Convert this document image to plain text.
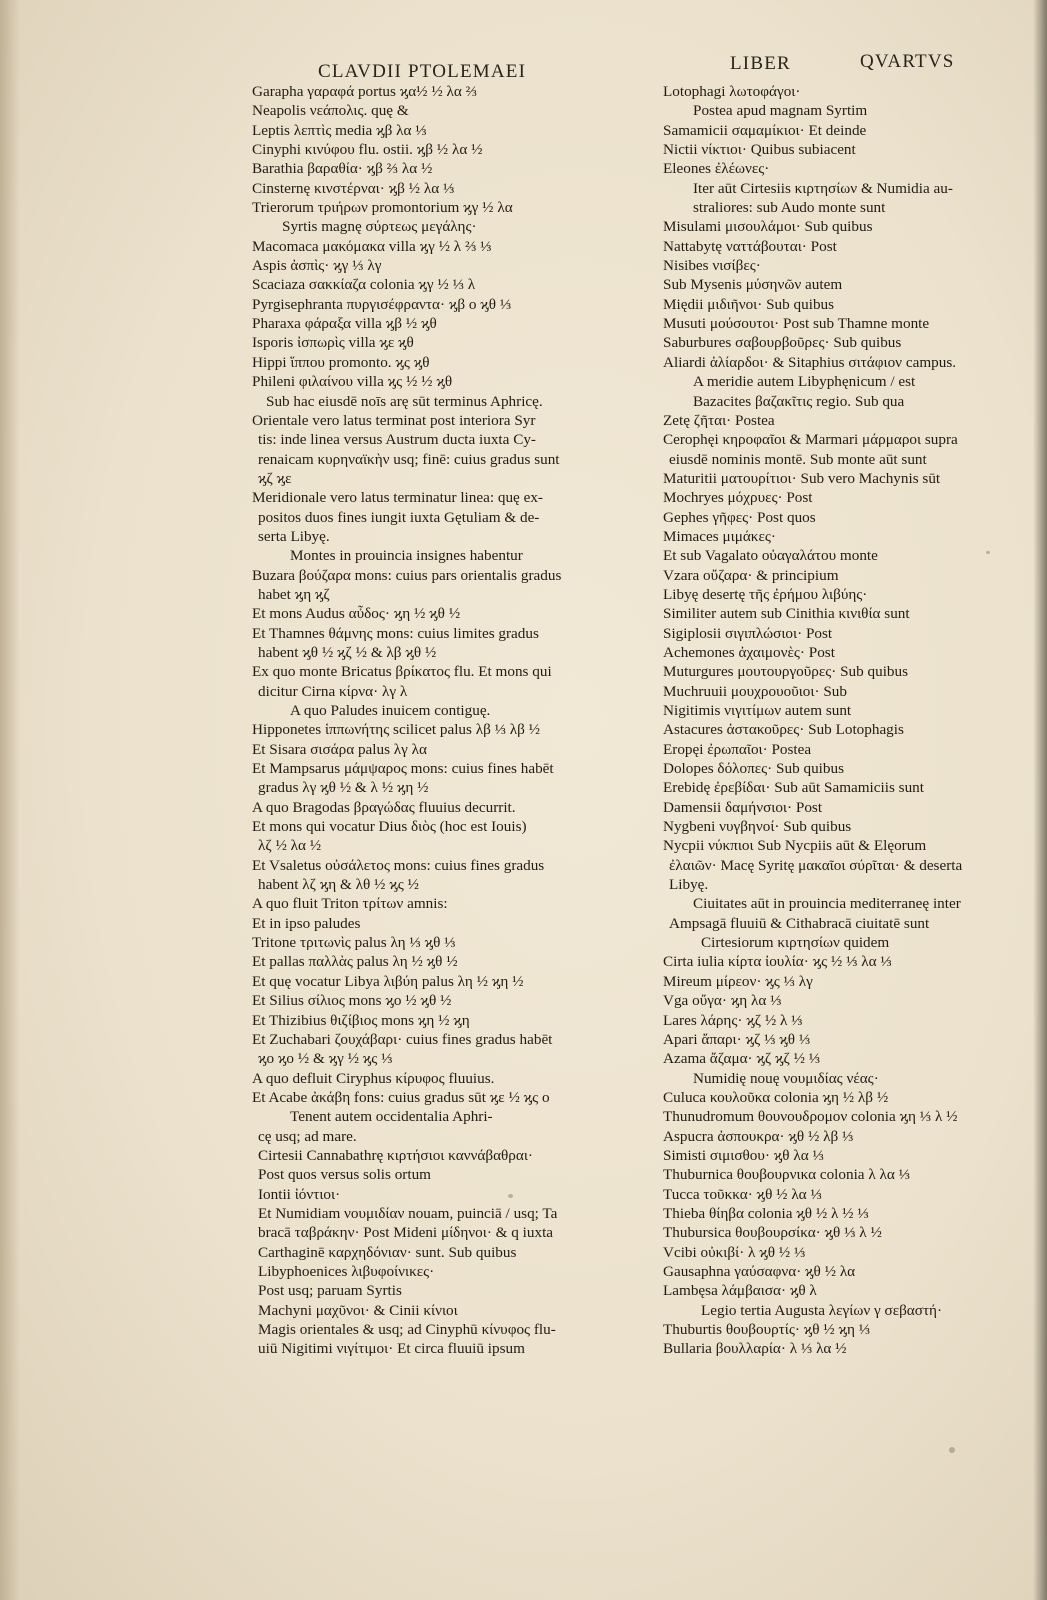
CLAVDII PTOLEMAEI	LIBER	QVARTVS
Garapha γαραφά portus ϗα½ ½ λα ⅔
Neapolis νεάπολις. quę &
Leptis λεπτὶς media ϗβ λα ⅓
Cinyphi κινύφου flu. ostii. ϗβ ½ λα ½
Barathia βαραθία· ϗβ ⅔ λα ½
Cinsternę κινστέρναι· ϗβ ½ λα ⅓
Trierorum τριήρων promontorium ϗγ ½ λα
Syrtis magnę σύρτεως μεγάλης·
Macomaca μακόμακα villa ϗγ ½ λ ⅔ ⅓
Aspis ἀσπὶς· ϗγ ⅓ λγ
Scaciaza σακκίαζα colonia ϗγ ½ ⅓ λ
Pyrgisephranta πυργισέφραντα· ϗβ ο ϗθ ⅓
Pharaxa φάραξα villa ϗβ ½ ϗθ
Isporis ἰσπωρὶς villa ϗε ϗθ
Hippi ἵππου promonto. ϗς ϗθ
Phileni φιλαίνου villa ϗς ½ ½ ϗθ
Sub hac eiusdē noīs arę sūt terminus Aphricę.
Orientale vero latus terminat post interiora Syr
tis: inde linea versus Austrum ducta iuxta Cy-
renaicam κυρηναϊκὴν usq; finē: cuius gradus sunt
ϗζ ϗε
Meridionale vero latus terminatur linea: quę ex-
positos duos fines iungit iuxta Gętuliam & de-
serta Libyę.
Montes in prouincia insignes habentur
Buzara βούζαρα mons: cuius pars orientalis gradus
habet ϗη ϗζ
Et mons Audus αὖδος· ϗη ½ ϗθ ½
Et Thamnes θάμνης mons: cuius limites gradus
habent ϗθ ½ ϗζ ½ & λβ ϗθ ½
Ex quo monte Bricatus βρίκατος flu. Et mons qui
dicitur Cirna κίρνα· λγ λ
A quo Paludes inuicem contiguę.
Hipponetes ἱππωνήτης scilicet palus λβ ⅓ λβ ½
Et Sisara σισάρα palus λγ λα
Et Mampsarus μάμψαρος mons: cuius fines habēt
gradus λγ ϗθ ½ & λ ½ ϗη ½
A quo Bragodas βραγώδας fluuius decurrit.
Et mons qui vocatur Dius διὸς (hoc est Iouis)
λζ ½ λα ½
Et Vsaletus οὐσάλετος mons: cuius fines gradus
habent λζ ϗη & λθ ½ ϗς ½
A quo fluit Triton τρίτων amnis:
Et in ipso paludes
Tritone τριτωνὶς palus λη ⅓ ϗθ ⅓
Et pallas παλλὰς palus λη ½ ϗθ ½
Et quę vocatur Libya λιβύη palus λη ½ ϗη ½
Et Silius σίλιος mons ϗο ½ ϗθ ½
Et Thizibius θιζίβιος mons ϗη ½ ϗη
Et Zuchabari ζουχάβαρι· cuius fines gradus habēt
ϗο ϗο ½ & ϗγ ½ ϗς ⅓
A quo defluit Ciryphus κίρυφος fluuius.
Et Acabe ἀκάβη fons: cuius gradus sūt ϗε ½ ϗς ο
Tenent autem occidentalia Aphri-
cę usq; ad mare.
Cirtesii Cannabathrę κιρτήσιοι καννάβαθραι·
Post quos versus solis ortum
Iontii ἰόντιοι·
Et Numidiam νουμιδίαν nouam, puinciā / usq; Ta
bracā ταβράκην· Post Mideni μίδηνοι· & q iuxta
Carthaginē καρχηδόνιαν· sunt. Sub quibus
Libyphoenices λιβυφοίνικες·
Post usq; paruam Syrtis
Machyni μαχῦνοι· & Cinii κίνιοι
Magis orientales & usq; ad Cinyphū κίνυφος flu-
uiū Nigitimi νιγίτιμοι· Et circa fluuiū ipsum
Lotophagi λωτοφάγοι·
Postea apud magnam Syrtim
Samamicii σαμαμίκιοι· Et deinde
Nictii νίκτιοι· Quibus subiacent
Eleones ἐλέωνες·
Iter aūt Cirtesiis κιρτησίων & Numidia au-
straliores: sub Audo monte sunt
Misulami μισουλάμοι· Sub quibus
Nattabytę ναττάβουται· Post
Nisibes νισίβες·
Sub Mysenis μύσηνῶν autem
Międii μιδιῆνοι· Sub quibus
Musuti μούσουτοι· Post sub Thamne monte
Saburbures σαβουρβοῦρες· Sub quibus
Aliardi ἀλίαρδοι· & Sitaphius σιτάφιον campus.
A meridie autem Libyphęnicum / est
Bazacites βαζακῖτις regio. Sub qua
Zetę ζῆται· Postea
Cerophęi κηροφαῖοι & Marmari μάρμαροι supra
eiusdē nominis montē. Sub monte aūt sunt
Maturitii ματουρίτιοι· Sub vero Machynis sūt
Mochryes μόχρυες· Post
Gephes γῆφες· Post quos
Mimaces μιμάκες·
Et sub Vagalato οὐαγαλάτου monte
Vzara οὔζαρα· & principium
Libyę desertę τῆς ἐρήμου λιβύης·
Similiter autem sub Cinithia κινιθία sunt
Sigiplosii σιγιπλώσιοι· Post
Achemones ἀχαιμονὲς· Post
Muturgures μουτουργοῦρες· Sub quibus
Muchruuii μουχρουοῦιοι· Sub
Nigitimis νιγιτίμων autem sunt
Astacures ἀστακοῦρες· Sub Lotophagis
Eropęi ἐρωπαῖοι· Postea
Dolopes δόλοπες· Sub quibus
Erebidę ἐρεβίδαι· Sub aūt Samamiciis sunt
Damensii δαμήνσιοι· Post
Nygbeni νυγβηνοί· Sub quibus
Nycpii νύκπιοι Sub Nycpiis aūt & Elęorum
ἐλαιῶν· Macę Syritę μακαῖοι σύρῖται· & deserta
Libyę.
Ciuitates aūt in prouincia mediterraneę inter
Ampsagā fluuiū & Cithabracā ciuitatē sunt
Cirtesiorum κιρτησίων quidem
Cirta iulia κίρτα ἰουλία· ϗς ½ ⅓ λα ⅓
Mireum μίρεον· ϗς ⅓ λγ
Vga οὔγα· ϗη λα ⅓
Lares λάρης· ϗζ ½ λ ⅓
Apari ἄπαρι· ϗζ ⅓ ϗθ ⅓
Azama ἄζαμα· ϗζ ϗζ ½ ⅓
Numidię nouę νουμιδίας νέας·
Culuca κουλοῦκα colonia ϗη ½ λβ ½
Thunudromum θουνουδρομον colonia ϗη ⅓ λ ½
Aspucra ἀσπουκρα· ϗθ ½ λβ ⅓
Simisti σιμισθου· ϗθ λα ⅓
Thuburnica θουβουρνικα colonia λ λα ⅓
Tucca τοῦκκα· ϗθ ½ λα ⅓
Thieba θίηβα colonia ϗθ ½ λ ½ ⅓
Thubursica θουβουρσίκα· ϗθ ⅓ λ ½
Vcibi οὐκιβί· λ ϗθ ½ ⅓
Gausaphna γαύσαφνα· ϗθ ½ λα
Lambęsa λάμβαισα· ϗθ λ
Legio tertia Augusta λεγίων γ σεβαστή·
Thuburtis θουβουρτίς· ϗθ ½ ϗη ⅓
Bullaria βουλλαρία· λ ⅓ λα ½
